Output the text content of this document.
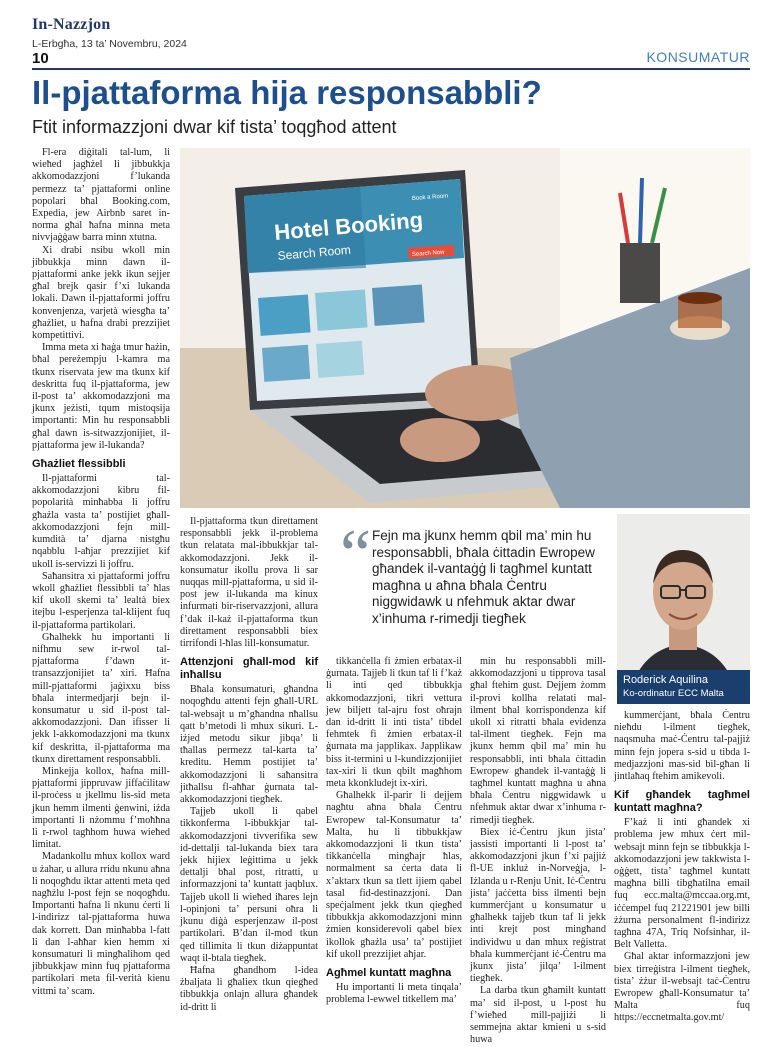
In-Nazzjon
L-Erbgħa, 13 ta’ Novembru, 2024
10	KONSUMATUR
Il-pjattaforma hija responsabbli?
Ftit informazzjoni dwar kif tista’ toqgħod attent

Fl-era diġitali tal-lum, li wieħed jagħżel li jibbukkja akkomodazzjoni f’lukanda permezz ta’ pjattaformi online popolari bħal Booking.com, Expedia, jew Airbnb saret in-norma għal ħafna minna meta nivvjaġġaw barra minn xtutna.

Xi drabi nsibu wkoll min jibbukkja minn dawn il-pjattaformi anke jekk ikun sejjer għal brejk qasir f’xi lukanda lokali. Dawn il-pjattaformi joffru konvenjenza, varjetà wiesgħa ta’ għażliet, u ħafna drabi prezzijiet kompetittivi.

Imma meta xi ħaġa tmur ħażin, bħal pereżempju l-kamra ma tkunx riservata jew ma tkunx kif deskritta fuq il-pjattaforma, jew il-post ta’ akkomodazzjoni ma jkunx jeżisti, tqum mistoqsija importanti: Min hu responsabbli għal dawn is-sitwazzjonijiet, il-pjattaforma jew il-lukanda?

Għażliet flessibbli

Il-pjattaformi tal-akkomodazzjoni kibru fil-popolarità minħabba li joffru għażla vasta ta’ postijiet għall-akkomodazzjoni fejn mill-kumdità ta’ djarna nistgħu nqabblu l-aħjar prezzijiet kif ukoll is-servizzi li joffru.

Saħansitra xi pjattaformi joffru wkoll għażliet flessibbli ta’ ħlas kif ukoll skemi ta’ lealtà biex itejbu l-esperjenza tal-klijent fuq il-pjattaforma partikolari.

Għalhekk hu importanti li nifhmu sew ir-rwol tal-pjattaforma f’dawn it-transazzjonijiet ta’ xiri. Ħafna mill-pjattaformi jaġixxu biss bħala intermedjarji bejn il-konsumatur u sid il-post tal-akkomodazzjoni. Dan ifisser li jekk l-akkomodazzjoni ma tkunx kif deskritta, il-pjattaforma ma tkunx direttament responsabbli.

Minkejja kollox, ħafna mill-pjattaformi jippruvaw jiffaċilitaw il-proċess u jkellmu lis-sid meta jkun hemm ilmenti ġenwini, iżda importanti li nżommu f’moħħna li r-rwol tagħhom huwa wieħed limitat.

Madankollu mhux kollox ward u żahar, u allura rridu nkunu aħna li noqogħdu iktar attenti meta qed nagħżlu l-post fejn se noqogħdu. Importanti ħafna li nkunu ċerti li l-indirizz tal-pjattaforma huwa dak korrett. Dan minħabba l-fatt li dan l-aħħar kien hemm xi konsumaturi li mingħalihom qed jibbukkjaw minn fuq pjattaforma partikolari meta fil-verità kienu vittmi ta’ scam.

Hotel Booking
Search Room
Book a Room
Search Now

Il-pjattaforma tkun direttament responsabbli jekk il-problema tkun relatata mal-ibbukkjar tal-akkomodazzjoni. Jekk il-konsumatur ikollu prova li sar nuqqas mill-pjattaforma, u sid il-post jew il-lukanda ma kinux infurmati bir-riservazzjoni, allura f’dak il-każ il-pjattaforma tkun direttament responsabbli biex tirrifondi l-ħlas lill-konsumatur.

Attenzjoni għall-mod kif inħallsu

Bħala konsumaturi, għandna noqogħdu attenti fejn għall-URL tal-websajt u m’għandna nħallsu qatt b’metodi li mhux sikuri. L-iżjed metodu sikur jibqa’ li tħallas permezz tal-karta ta’ kreditu. Hemm postijiet ta’ akkomodazzjoni li saħansitra jitħallsu fl-aħħar ġurnata tal-akkomodazzjoni tiegħek.

Tajjeb ukoll li qabel tikkonferma l-ibbukkjar tal-akkomodazzjoni tivverifika sew id-dettalji tal-lukanda biex tara jekk hijiex leġittima u jekk dettalji bħal post, ritratti, u informazzjoni ta’ kuntatt jaqblux. Tajjeb ukoll li wieħed iħares lejn l-opinjoni ta’ persuni oħra li jkunu diġà esperjenzaw il-post partikolari. B’dan il-mod tkun qed tillimita li tkun diżappuntat waqt il-btala tiegħek.

Ħafna għandhom l-idea żbaljata li għaliex tkun qiegħed tibbukkja onlajn allura għandek id-dritt li

“ Fejn ma jkunx hemm qbil ma’ min hu responsabbli, bħala ċittadin Ewropew għandek il-vantaġġ li tagħmel kuntatt magħna u aħna bħala Ċentru niggwidawk u nfehmuk aktar dwar x’inhuma r-rimedji tiegħek
Roderick Aquilina
Ko-ordinatur ECC Malta

tikkanċella fi żmien erbatax-il ġurnata. Tajjeb li tkun taf li f’każ li inti qed tibbukkja akkomodazzjoni, tikri vettura jew biljett tal-ajru fost oħrajn dan id-dritt li inti tista’ tibdel fehmtek fi żmien erbatax-il ġurnata ma japplikax. Japplikaw biss it-termini u l-kundizzjonijiet tax-xiri li tkun qbilt magħhom meta kkonkludejt ix-xiri.

Għalhekk il-parir li dejjem nagħtu aħna bħala Ċentru Ewropew tal-Konsumatur ta’ Malta, hu li tibbukkjaw akkomodazzjoni li tkun tista’ tikkanċella mingħajr ħlas, normalment sa ċerta data li x’aktarx tkun sa tlett ijiem qabel tasal fid-destinazzjoni. Dan speċjalment jekk tkun qiegħed tibbukkja akkomodazzjoni minn żmien konsiderevoli qabel biex ikollok għażla usa’ ta’ postijiet kif ukoll prezzijiet aħjar.

Agħmel kuntatt magħna

Hu importanti li meta tinqala’ problema l-ewwel titkellem ma’

min hu responsabbli mill-akkomodazzjoni u tipprova tasal għal ftehim gust. Dejjem żomm il-provi kollha relatati mal-ilment bħal korrispondenza kif ukoll xi ritratti bħala evidenza tal-ilment tiegħek. Fejn ma jkunx hemm qbil ma’ min hu responsabbli, inti bħala ċittadin Ewropew għandek il-vantaġġ li tagħmel kuntatt magħna u aħna bħala Ċentru niggwidawk u nfehmuk aktar dwar x’inhuma r-rimedji tiegħek.

Biex iċ-Ċentru jkun jista’ jassisti importanti li l-post ta’ akkomodazzjoni jkun f’xi pajjiż fl-UE inkluż in-Norveġja, l-Iżlanda u r-Renju Unit. Iċ-Ċentru jista’ jaċċetta biss ilmenti bejn kummerċjant u konsumatur u għalhekk tajjeb tkun taf li jekk inti krejt post mingħand individwu u dan mhux reġistrat bħala kummerċjant iċ-Ċentru ma jkunx jista’ jilqa’ l-ilment tiegħek.

La darba tkun għamilt kuntatt ma’ sid il-post, u l-post hu f’wieħed mill-pajjiżi li semmejna aktar kmieni u s-sid huwa

kummerċjant, bħala Ċentru nieħdu l-ilment tiegħek, naqsmuha maċ-Ċentru tal-pajjiż minn fejn jopera s-sid u tibda l-medjazzjoni mas-sid bil-għan li jintlaħaq ftehim amikevoli.

Kif għandek tagħmel kuntatt magħna?

F’każ li inti għandek xi problema jew mhux ċert mil-websajt minn fejn se tibbukkja l-akkomodazzjoni jew takkwista l-oġġett, tista’ tagħmel kuntatt magħna billi tibgħatilna email fuq ecc.malta@mccaa.org.mt, iċċempel fuq 21221901 jew billi żżurna personalment fl-indirizz tagħna 47A, Triq Nofsinhar, il-Belt Valletta.

Għal aktar informazzjoni jew biex tirreġistra l-ilment tiegħek, tista’ żżur il-websajt taċ-Ċentru Ewropew għall-Konsumatur ta’ Malta fuq https://eccnetmalta.gov.mt/
